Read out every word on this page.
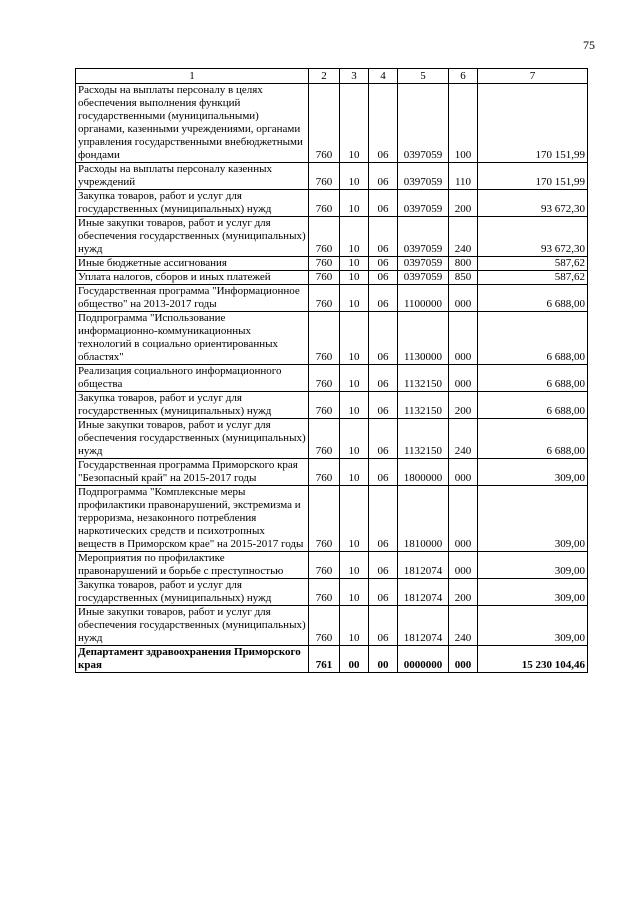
75
1	2	3	4	5	6	7
Расходы на выплаты персоналу в целях обеспечения выполнения функций государственными (муниципальными) органами, казенными учреждениями, органами управления государственными внебюджетными фондами	760	10	06	0397059	100	170 151,99
Расходы на выплаты персоналу казенных учреждений	760	10	06	0397059	110	170 151,99
Закупка товаров, работ и услуг для государственных (муниципальных) нужд	760	10	06	0397059	200	93 672,30
Иные закупки товаров, работ и услуг для обеспечения государственных (муниципальных) нужд	760	10	06	0397059	240	93 672,30
Иные бюджетные ассигнования	760	10	06	0397059	800	587,62
Уплата налогов, сборов и иных платежей	760	10	06	0397059	850	587,62
Государственная программа "Информационное общество" на 2013-2017 годы	760	10	06	1100000	000	6 688,00
Подпрограмма "Использование информационно-коммуникационных технологий в социально ориентированных областях"	760	10	06	1130000	000	6 688,00
Реализация социального информационного общества	760	10	06	1132150	000	6 688,00
Закупка товаров, работ и услуг для государственных (муниципальных) нужд	760	10	06	1132150	200	6 688,00
Иные закупки товаров, работ и услуг для обеспечения государственных (муниципальных) нужд	760	10	06	1132150	240	6 688,00
Государственная программа Приморского края "Безопасный край" на 2015-2017 годы	760	10	06	1800000	000	309,00
Подпрограмма "Комплексные меры профилактики правонарушений, экстремизма и терроризма, незаконного потребления наркотических средств и психотропных веществ в Приморском крае" на 2015-2017 годы	760	10	06	1810000	000	309,00
Мероприятия по профилактике правонарушений и борьбе с преступностью	760	10	06	1812074	000	309,00
Закупка товаров, работ и услуг для государственных (муниципальных) нужд	760	10	06	1812074	200	309,00
Иные закупки товаров, работ и услуг для обеспечения государственных (муниципальных) нужд	760	10	06	1812074	240	309,00
Департамент здравоохранения Приморского края	761	00	00	0000000	000	15 230 104,46
